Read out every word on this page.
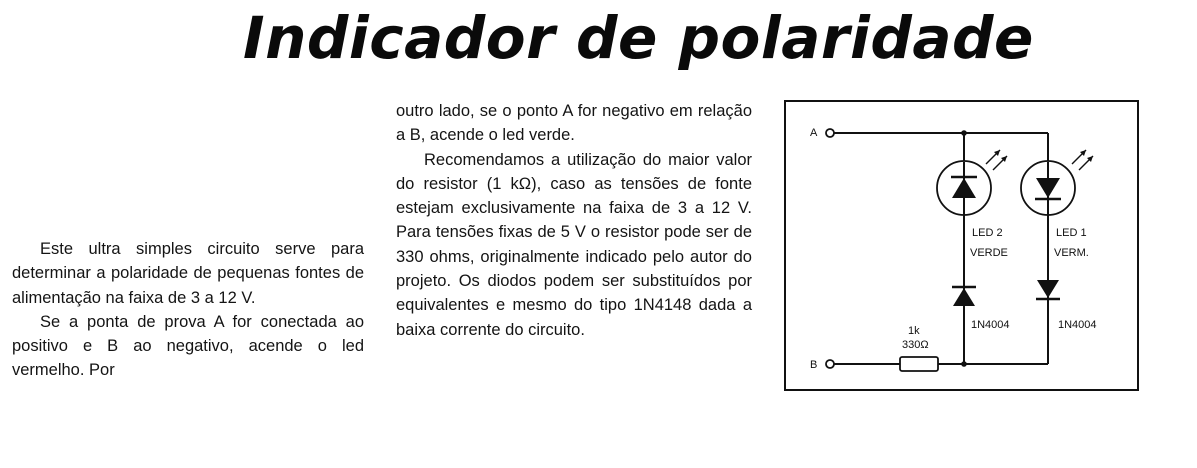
Indicador de polaridade

Este ultra simples circuito serve para determinar a polaridade de pequenas fontes de alimentação na faixa de 3 a 12 V.

Se a ponta de prova A for conectada ao positivo e B ao negativo, acende o led vermelho. Por

outro lado, se o ponto A for negativo em relação a B, acende o led verde.

Recomendamos a utilização do maior valor do resistor (1 kΩ), caso as tensões de fonte estejam exclusivamente na faixa de 3 a 12 V. Para tensões fixas de 5 V o resistor pode ser de 330 ohms, originalmente indicado pelo autor do projeto. Os diodos podem ser substituídos por equivalentes e mesmo do tipo 1N4148 dada a baixa corrente do circuito.

A
B
1k
330Ω
LED 2
VERDE
1N4004
LED 1
VERM.
1N4004
